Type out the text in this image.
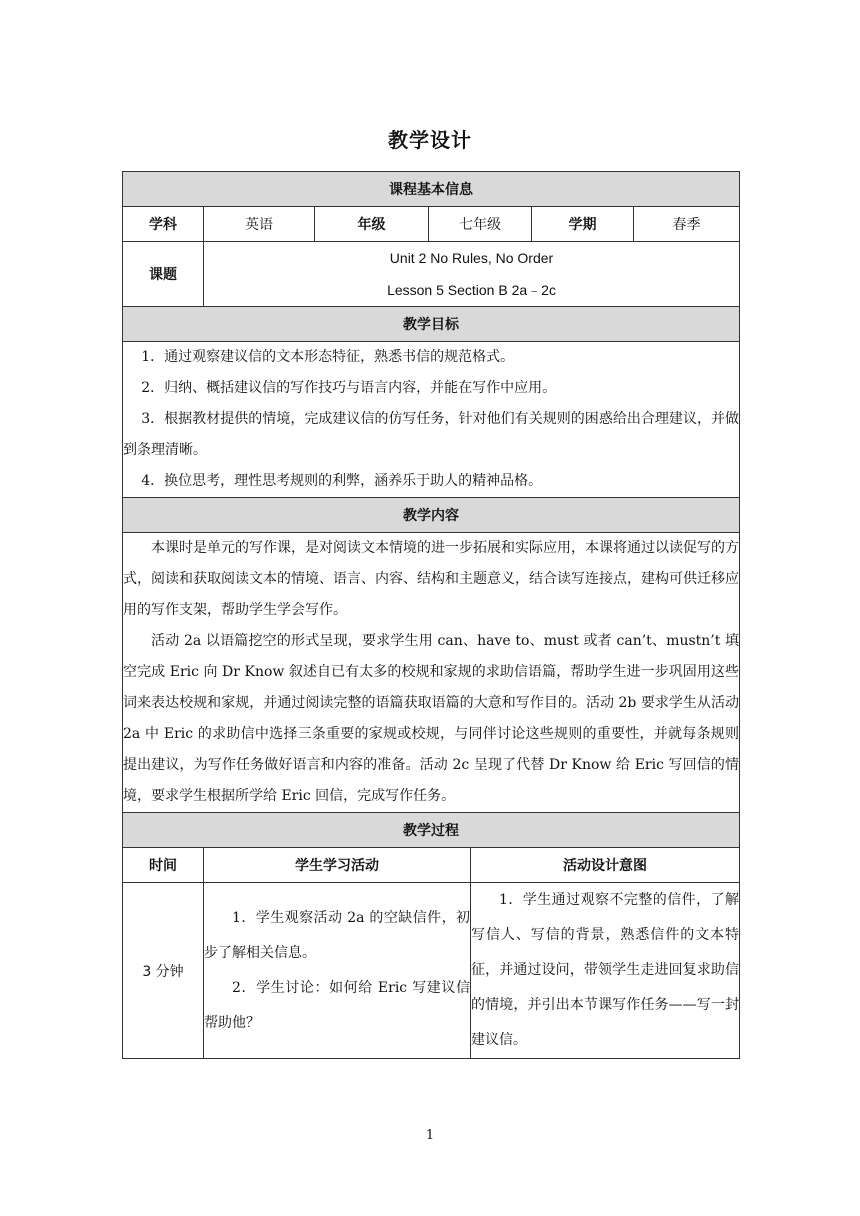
教学设计
课程基本信息						
学科	英语	年级	七年级		学期	春季
课题	Unit 2 No Rules, No Order
Lesson 5 Section B 2a﹣2c					

教学目标						

1．通过观察建议信的文本形态特征，熟悉书信的规范格式。

2．归纳、概括建议信的写作技巧与语言内容，并能在写作中应用。

3．根据教材提供的情境，完成建议信的仿写任务，针对他们有关规则的困惑给出合理建议，并做到条理清晰。

4．换位思考，理性思考规则的利弊，涵养乐于助人的精神品格。						

教学内容						

本课时是单元的写作课，是对阅读文本情境的进一步拓展和实际应用，本课将通过以读促写的方式，阅读和获取阅读文本的情境、语言、内容、结构和主题意义，结合读写连接点，建构可供迁移应用的写作支架，帮助学生学会写作。

活动 2a 以语篇挖空的形式呈现，要求学生用 can、have to、must 或者 can’t、mustn’t 填空完成 Eric 向 Dr Know 叙述自已有太多的校规和家规的求助信语篇，帮助学生进一步巩固用这些词来表达校规和家规，并通过阅读完整的语篇获取语篇的大意和写作目的。活动 2b 要求学生从活动 2a 中 Eric 的求助信中选择三条重要的家规或校规，与同伴讨论这些规则的重要性，并就每条规则提出建议，为写作任务做好语言和内容的准备。活动 2c 呈现了代替 Dr Know 给 Eric 写回信的情境，要求学生根据所学给 Eric 回信，完成写作任务。						

教学过程						
时间	学生学习活动			活动设计意图		
3 分钟	1．学生观察活动 2a 的空缺信件，初步了解相关信息。

2．学生讨论：如何给 Eric 写建议信帮助他？			1．学生通过观察不完整的信件，了解写信人、写信的背景，熟悉信件的文本特征，并通过设问，带领学生走进回复求助信的情境，并引出本节课写作任务——写一封建议信。		

1
